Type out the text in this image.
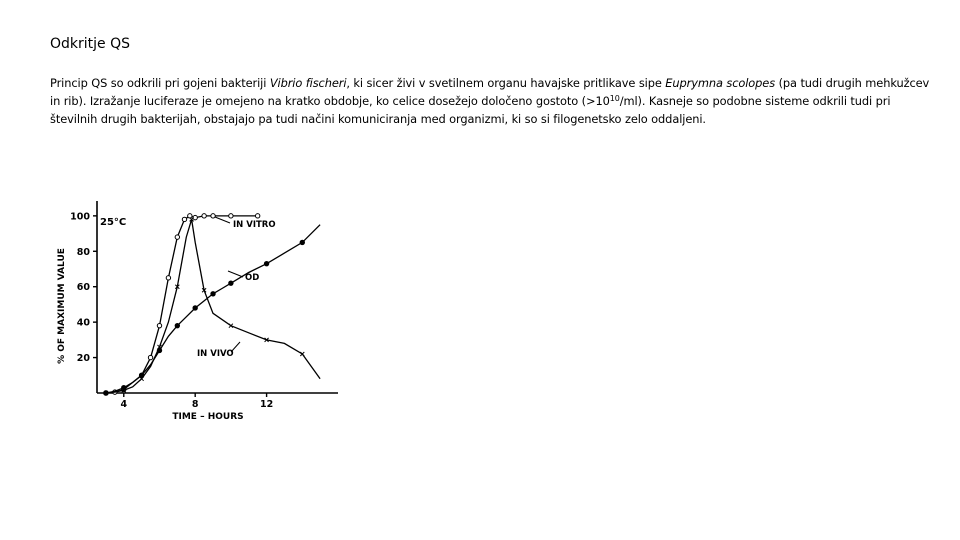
Odkritje QS
Princip QS so odkrili pri gojeni bakteriji Vibrio fischeri, ki sicer živi v svetilnem organu havajske pritlikave sipe Euprymna scolopes (pa tudi drugih mehkužcev in rib). Izražanje luciferaze je omejeno na kratko obdobje, ko celice dosežejo določeno gostoto $(>10^{10}/ml)$. Kasneje so podobne sisteme odkrili tudi pri številnih drugih bakterijah, obstajajo pa tudi načini komuniciranja med organizmi, ki so si filogenetsko zelo oddaljeni.
20
40
60
80
100
4	8	12
TIME – HOURS
% OF MAXIMUM VALUE
25°C	IN VITRO
OD
IN VIVO
